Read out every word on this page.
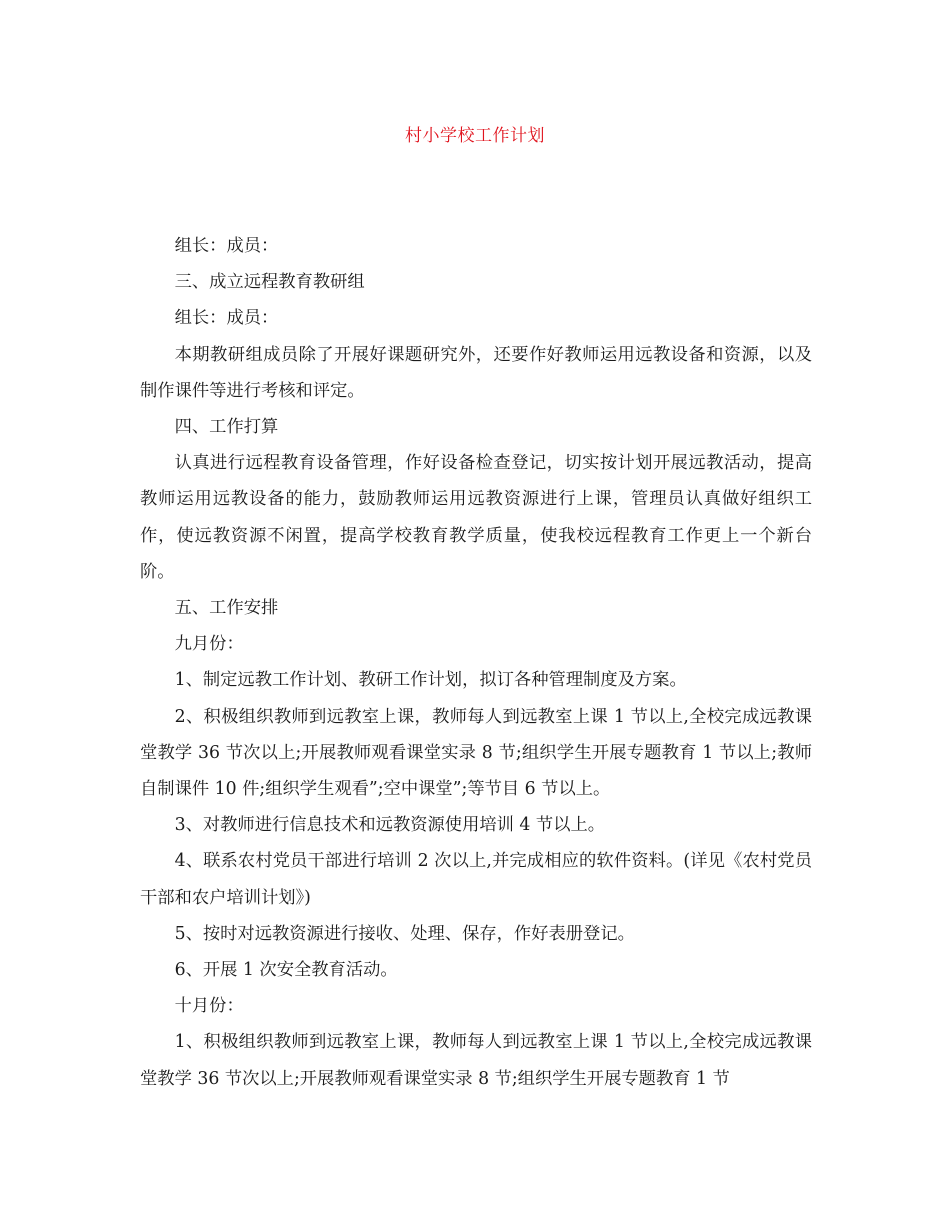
村小学校工作计划

组长：成员：

三、成立远程教育教研组

组长：成员：

本期教研组成员除了开展好课题研究外，还要作好教师运用远教设备和资源，以及制作课件等进行考核和评定。

四、工作打算

认真进行远程教育设备管理，作好设备检查登记，切实按计划开展远教活动，提高教师运用远教设备的能力，鼓励教师运用远教资源进行上课，管理员认真做好组织工作，使远教资源不闲置，提高学校教育教学质量，使我校远程教育工作更上一个新台阶。

五、工作安排

九月份：

1、制定远教工作计划、教研工作计划，拟订各种管理制度及方案。

2、积极组织教师到远教室上课，教师每人到远教室上课 1 节以上,全校完成远教课堂教学 36 节次以上;开展教师观看课堂实录 8 节;组织学生开展专题教育 1 节以上;教师自制课件 10 件;组织学生观看”;空中课堂”;等节目 6 节以上。

3、对教师进行信息技术和远教资源使用培训 4 节以上。

4、联系农村党员干部进行培训 2 次以上,并完成相应的软件资料。(详见《农村党员干部和农户培训计划》)

5、按时对远教资源进行接收、处理、保存，作好表册登记。

6、开展 1 次安全教育活动。

十月份：

1、积极组织教师到远教室上课，教师每人到远教室上课 1 节以上,全校完成远教课堂教学 36 节次以上;开展教师观看课堂实录 8 节;组织学生开展专题教育 1 节
